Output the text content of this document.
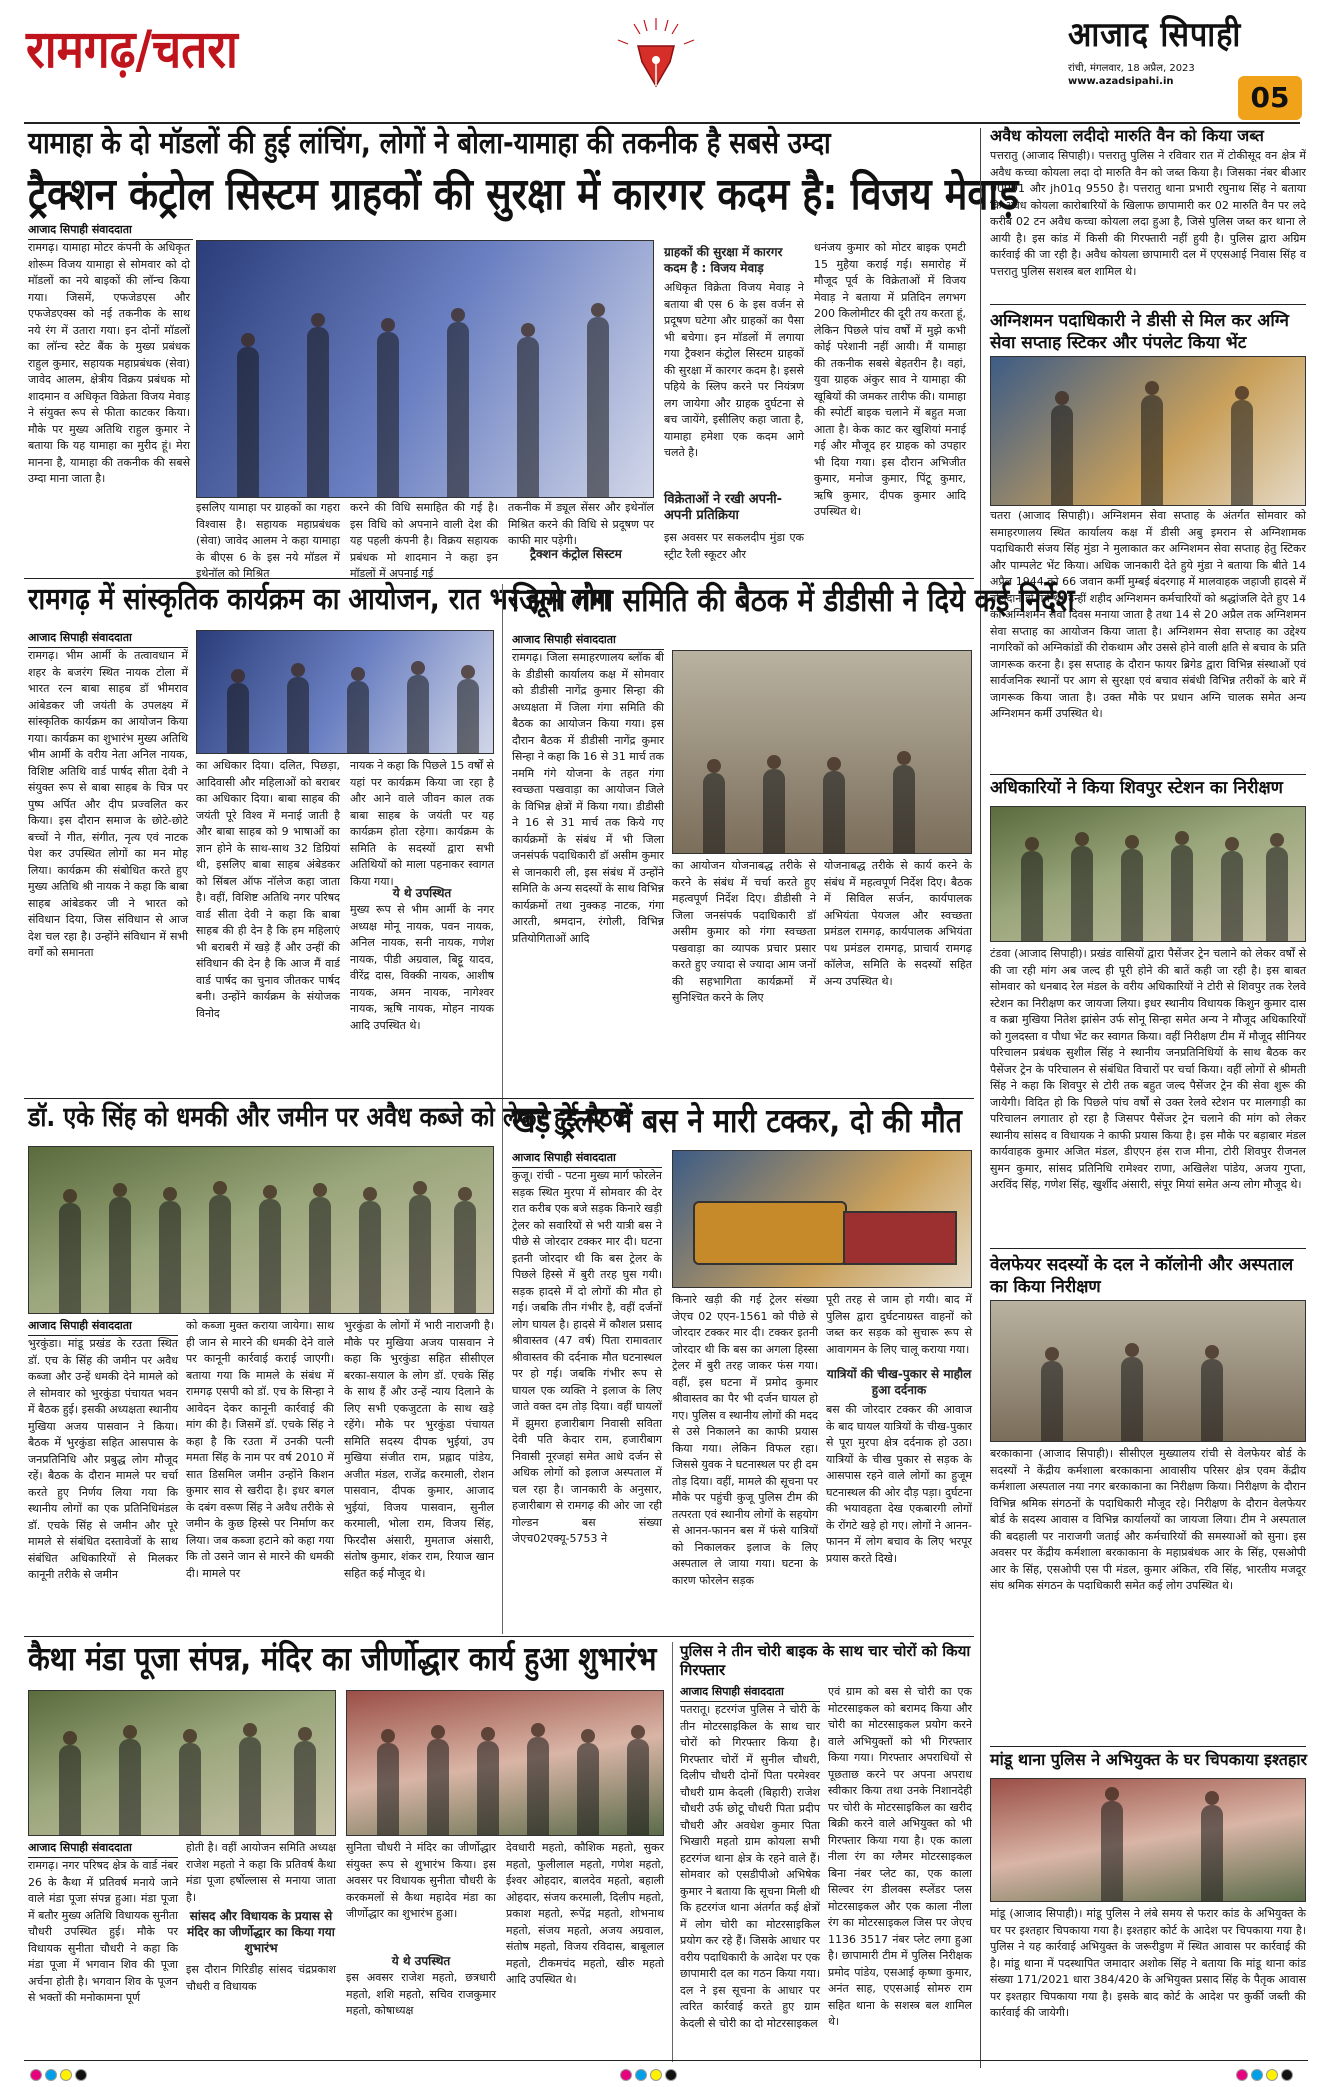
रामगढ़/चतरा	आजाद सिपाही
रांची, मंगलवार, 18 अप्रैल, 2023
www.azadsipahi.in	05
यामाहा के दो मॉडलों की हुई लांचिंग, लोगों ने बोला-यामाहा की तकनीक है सबसे उम्दा
ट्रैक्शन कंट्रोल सिस्टम ग्राहकों की सुरक्षा में कारगर कदम है: विजय मेवाड़
आजाद सिपाही संवाददाता
रामगढ़। यामाहा मोटर कंपनी के अधिकृत शोरूम विजय यामाहा से सोमवार को दो मॉडलों का नये बाइकों की लॉन्च किया गया। जिसमें, एफजेडएस और एफजेडएक्स को नई तकनीक के साथ नये रंग में उतारा गया। इन दोनों मॉडलों का लॉन्च स्टेट बैंक के मुख्य प्रबंधक राहुल कुमार, सहायक महाप्रबंधक (सेवा) जावेद आलम, क्षेत्रीय विक्रय प्रबंधक मो शादमान व अधिकृत विक्रेता विजय मेवाड़ ने संयुक्त रूप से फीता काटकर किया। मौके पर मुख्य अतिथि राहुल कुमार ने बताया कि यह यामाहा का मुरीद हूं। मेरा मानना है, यामाहा की तकनीक की सबसे उम्दा माना जाता है।
इसलिए यामाहा पर ग्राहकों का गहरा विश्वास है। सहायक महाप्रबंधक (सेवा) जावेद आलम ने कहा यामाहा के बीएस 6 के इस नये मॉडल में इथेनॉल को मिश्रित
करने की विधि समाहित की गई है। इस विधि को अपनाने वाली देश की यह पहली कंपनी है। विक्रय सहायक प्रबंधक मो शादमान ने कहा इन मॉडलों में अपनाई गई
तकनीक में ड्यूल सेंसर और इथेनॉल मिश्रित करने की विधि से प्रदूषण पर काफी मार पड़ेगी।
ट्रैक्शन कंट्रोल सिस्टम
ग्राहकों की सुरक्षा में कारगर कदम है : विजय मेवाड़
अधिकृत विक्रेता विजय मेवाड़ ने बताया बी एस 6 के इस वर्जन से प्रदूषण घटेगा और ग्राहकों का पैसा भी बचेगा। इन मॉडलों में लगाया गया ट्रैक्शन कंट्रोल सिस्टम ग्राहकों की सुरक्षा में कारगर कदम है। इससे पहिये के स्लिप करने पर नियंत्रण लग जायेगा और ग्राहक दुर्घटना से बच जायेंगे, इसीलिए कहा जाता है, यामाहा हमेशा एक कदम आगे चलते है।
विक्रेताओं ने रखी अपनी-अपनी प्रतिक्रिया
इस अवसर पर सकलदीप मुंडा एक स्ट्रीट रैली स्कूटर और
धनंजय कुमार को मोटर बाइक एमटी 15 मुहैया कराई गई। समारोह में मौजूद पूर्व के विक्रेताओं में विजय मेवाड़ ने बताया में प्रतिदिन लगभग 200 किलोमीटर की दूरी तय करता हूं, लेकिन पिछले पांच वर्षों में मुझे कभी कोई परेशानी नहीं आयी। मैं यामाहा की तकनीक सबसे बेहतरीन है। वहां, युवा ग्राहक अंकुर साव ने यामाहा की खूबियों की जमकर तारीफ की। यामाहा की स्पोर्टी बाइक चलाने में बहुत मजा आता है। केक काट कर खुशियां मनाई गई और मौजूद हर ग्राहक को उपहार भी दिया गया। इस दौरान अभिजीत कुमार, मनोज कुमार, पिंटू कुमार, ऋषि कुमार, दीपक कुमार आदि उपस्थित थे।
अवैध कोयला लदीदो मारुति वैन को किया जब्त
पत्तरातु (आजाद सिपाही)। पत्तरातु पुलिस ने रविवार रात में टोकीसूद वन क्षेत्र में अवैध कच्चा कोयला लदा दो मारुति वैन को जब्त किया है। जिसका नंबर बीआर 00991 और jh01q 9550 है। पत्तरातु थाना प्रभारी रघुनाथ सिंह ने बताया कि अवैध कोयला कारोबारियों के खिलाफ छापामारी कर 02 मारुति वैन पर लदे करीब 02 टन अवैध कच्चा कोयला लदा हुआ है, जिसे पुलिस जब्त कर थाना ले आयी है। इस कांड में किसी की गिरफ्तारी नहीं हुयी है। पुलिस द्वारा अग्रिम कार्रवाई की जा रही है। अवैध कोयला छापामारी दल में एएसआई निवास सिंह व पत्तरातु पुलिस सशस्त्र बल शामिल थे।
अग्निशमन पदाधिकारी ने डीसी से मिल कर अग्नि सेवा सप्ताह स्टिकर और पंपलेट किया भेंट
चतरा (आजाद सिपाही)। अग्निशमन सेवा सप्ताह के अंतर्गत सोमवार को समाहरणालय स्थित कार्यालय कक्ष में डीसी अबु इमरान से अग्निशामक पदाधिकारी संजय सिंह मुंडा ने मुलाकात कर अग्निशमन सेवा सप्ताह हेतु स्टिकर और पाम्पलेट भेंट किया। अधिक जानकारी देते हुये मुंडा ने बताया कि बीते 14 अप्रैल 1944 को 66 जवान कर्मी मुम्बई बंदरगाह में मालवाहक जहाजी हादसे में बलिदान हो गये थे। उन्हीं शहीद अग्निशमन कर्मचारियों को श्रद्धांजलि देते हुए 14 को अग्निशमन सेवा दिवस मनाया जाता है तथा 14 से 20 अप्रैल तक अग्निशमन सेवा सप्ताह का आयोजन किया जाता है। अग्निशमन सेवा सप्ताह का उद्देश्य नागरिकों को अग्निकांडों की रोकथाम और उससे होने वाली क्षति से बचाव के प्रति जागरूक करना है। इस सप्ताह के दौरान फायर ब्रिगेड द्वारा विभिन्न संस्थाओं एवं सार्वजनिक स्थानों पर आग से सुरक्षा एवं बचाव संबंधी विभिन्न तरीकों के बारे में जागरूक किया जाता है। उक्त मौके पर प्रधान अग्नि चालक समेत अन्य अग्निशमन कर्मी उपस्थित थे।
अधिकारियों ने किया शिवपुर स्टेशन का निरीक्षण
टंडवा (आजाद सिपाही)। प्रखंड वासियों द्वारा पैसेंजर ट्रेन चलाने को लेकर वर्षों से की जा रही मांग अब जल्द ही पूरी होने की बातें कही जा रही है। इस बाबत सोमवार को धनबाद रेल मंडल के वरीय अधिकारियों ने टोरी से शिवपुर तक रेलवे स्टेशन का निरीक्षण कर जायजा लिया। इधर स्थानीय विधायक किशुन कुमार दास व कब्रा मुखिया नितेश झांसेन उर्फ सोनू सिन्हा समेत अन्य ने मौजूद अधिकारियों को गुलदस्ता व पौधा भेंट कर स्वागत किया। वहीं निरीक्षण टीम में मौजूद सीनियर परिचालन प्रबंधक सुशील सिंह ने स्थानीय जनप्रतिनिधियों के साथ बैठक कर पैसेंजर ट्रेन के परिचालन से संबंधित विचारों पर चर्चा किया। वहीं लोगों से श्रीमती सिंह ने कहा कि शिवपुर से टोरी तक बहुत जल्द पैसेंजर ट्रेन की सेवा शुरू की जायेगी। विदित हो कि पिछले पांच वर्षों से उक्त रेलवे स्टेशन पर मालगाड़ी का परिचालन लगातार हो रहा है जिसपर पैसेंजर ट्रेन चलाने की मांग को लेकर स्थानीय सांसद व विधायक ने काफी प्रयास किया है। इस मौके पर बड़ाबार मंडल कार्यवाहक कुमार अजित मंडल, डीएएन हंस राज मीना, टोरी शिवपुर रीजनल सुमन कुमार, सांसद प्रतिनिधि रामेश्वर राणा, अखिलेश पांडेय, अजय गुप्ता, अरविंद सिंह, गणेश सिंह, खुर्शीद अंसारी, संपूर मियां समेत अन्य लोग मौजूद थे।
वेलफेयर सदस्यों के दल ने कॉलोनी और अस्पताल का किया निरीक्षण
बरकाकाना (आजाद सिपाही)। सीसीएल मुख्यालय रांची से वेलफेयर बोर्ड के सदस्यों ने केंद्रीय कर्मशाला बरकाकाना आवासीय परिसर क्षेत्र एवम केंद्रीय कर्मशाला अस्पताल नया नगर बरकाकाना का निरीक्षण किया। निरीक्षण के दौरान विभिन्न श्रमिक संगठनों के पदाधिकारी मौजूद रहे। निरीक्षण के दौरान वेलफेयर बोर्ड के सदस्य आवास व विभिन्न कार्यालयों का जायजा लिया। टीम ने अस्पताल की बदहाली पर नाराजगी जताई और कर्मचारियों की समस्याओं को सुना। इस अवसर पर केंद्रीय कर्मशाला बरकाकाना के महाप्रबंधक आर के सिंह, एसओपी आर के सिंह, एसओपी एस पी मंडल, कुमार अंकित, रवि सिंह, भारतीय मजदूर संघ श्रमिक संगठन के पदाधिकारी समेत कई लोग उपस्थित थे।
मांडू थाना पुलिस ने अभियुक्त के घर चिपकाया इश्तहार
मांडू (आजाद सिपाही)। मांडू पुलिस ने लंबे समय से फरार कांड के अभियुक्त के घर पर इश्तहार चिपकाया गया है। इश्तहार कोर्ट के आदेश पर चिपकाया गया है। पुलिस ने यह कार्रवाई अभियुक्त के जरूरीडुण में स्थित आवास पर कार्रवाई की है। मांडू थाना में पदस्थापित जमादार अशोक सिंह ने बताया कि मांडू थाना कांड संख्या 171/2021 धारा 384/420 के अभियुक्त प्रसाद सिंह के पैतृक आवास पर इश्तहार चिपकाया गया है। इसके बाद कोर्ट के आदेश पर कुर्की जब्ती की कार्रवाई की जायेगी।
रामगढ़ में सांस्कृतिक कार्यक्रम का आयोजन, रात भर झूमे लोग
आजाद सिपाही संवाददाता
रामगढ़। भीम आर्मी के तत्वावधान में शहर के बजरंग स्थित नायक टोला में भारत रत्न बाबा साहब डॉ भीमराव आंबेडकर जी जयंती के उपलक्ष्य में सांस्कृतिक कार्यक्रम का आयोजन किया गया। कार्यक्रम का शुभारंभ मुख्य अतिथि भीम आर्मी के वरीय नेता अनिल नायक, विशिष्ट अतिथि वार्ड पार्षद सीता देवी ने संयुक्त रूप से बाबा साहब के चित्र पर पुष्प अर्पित और दीप प्रज्वलित कर किया। इस दौरान समाज के छोटे-छोटे बच्चों ने गीत, संगीत, नृत्य एवं नाटक पेश कर उपस्थित लोगों का मन मोह लिया। कार्यक्रम की संबोधित करते हुए मुख्य अतिथि श्री नायक ने कहा कि बाबा साहब आंबेडकर जी ने भारत को संविधान दिया, जिस संविधान से आज देश चल रहा है। उन्होंने संविधान में सभी वर्गों को समानता
का अधिकार दिया। दलित, पिछड़ा, आदिवासी और महिलाओं को बराबर का अधिकार दिया। बाबा साहब की जयंती पूरे विश्व में मनाई जाती है और बाबा साहब को 9 भाषाओं का ज्ञान होने के साथ-साथ 32 डिग्रियां थी, इसलिए बाबा साहब अंबेडकर को सिंबल ऑफ नॉलेज कहा जाता है। वहीं, विशिष्ट अतिथि नगर परिषद वार्ड सीता देवी ने कहा कि बाबा साहब की ही देन है कि हम महिलाएं भी बराबरी में खड़े हैं और उन्हीं की संविधान की देन है कि आज मैं वार्ड वार्ड पार्षद का चुनाव जीतकर पार्षद बनी। उन्होंने कार्यक्रम के संयोजक विनोद
नायक ने कहा कि पिछले 15 वर्षों से यहां पर कार्यक्रम किया जा रहा है और आने वाले जीवन काल तक बाबा साहब के जयंती पर यह कार्यक्रम होता रहेगा। कार्यक्रम के समिति के सदस्यों द्वारा सभी अतिथियों को माला पहनाकर स्वागत किया गया।
ये थे उपस्थित
मुख्य रूप से भीम आर्मी के नगर अध्यक्ष मोनू नायक, पवन नायक, अनिल नायक, सनी नायक, गणेश नायक, पीडी अग्रवाल, बिट्टू यादव, वीरेंद्र दास, विक्की नायक, आशीष नायक, अमन नायक, नागेश्वर नायक, ऋषि नायक, मोहन नायक आदि उपस्थित थे।
जिला गंगा समिति की बैठक में डीडीसी ने दिये कई निर्देश
आजाद सिपाही संवाददाता
रामगढ़। जिला समाहरणालय ब्लॉक बी के डीडीसी कार्यालय कक्ष में सोमवार को डीडीसी नागेंद्र कुमार सिन्हा की अध्यक्षता में जिला गंगा समिति की बैठक का आयोजन किया गया। इस दौरान बैठक में डीडीसी नागेंद्र कुमार सिन्हा ने कहा कि 16 से 31 मार्च तक नममि गंगे योजना के तहत गंगा स्वच्छता पखवाड़ा का आयोजन जिले के विभिन्न क्षेत्रों में किया गया। डीडीसी ने 16 से 31 मार्च तक किये गए कार्यक्रमों के संबंध में भी जिला जनसंपर्क पदाधिकारी डॉ असीम कुमार से जानकारी ली, इस संबंध में उन्होंने समिति के अन्य सदस्यों के साथ विभिन्न कार्यक्रमों तथा नुक्कड़ नाटक, गंगा आरती, श्रमदान, रंगोली, विभिन्न प्रतियोगिताओं आदि
का आयोजन योजनाबद्ध तरीके से करने के संबंध में चर्चा करते हुए महत्वपूर्ण निर्देश दिए। डीडीसी ने जिला जनसंपर्क पदाधिकारी डॉ असीम कुमार को गंगा स्वच्छता पखवाड़ा का व्यापक प्रचार प्रसार करते हुए ज्यादा से ज्यादा आम जनों की सहभागिता कार्यक्रमों में सुनिश्चित करने के लिए
योजनाबद्ध तरीके से कार्य करने के संबंध में महत्वपूर्ण निर्देश दिए। बैठक में सिविल सर्जन, कार्यपालक अभियंता पेयजल और स्वच्छता प्रमंडल रामगढ़, कार्यपालक अभियंता पथ प्रमंडल रामगढ़, प्राचार्य रामगढ़ कॉलेज, समिति के सदस्यों सहित अन्य उपस्थित थे।
डॉ. एके सिंह को धमकी और जमीन पर अवैध कब्जे को लेकर हुई बैठक
आजाद सिपाही संवाददाता
भुरकुंडा। मांडू प्रखंड के रउता स्थित डॉ. एच के सिंह की जमीन पर अवैध कब्जा और उन्हें धमकी देने मामले को ले सोमवार को भुरकुंडा पंचायत भवन में बैठक हुई। इसकी अध्यक्षता स्थानीय मुखिया अजय पासवान ने किया। बैठक में भुरकुंडा सहित आसपास के जनप्रतिनिधि और प्रबुद्ध लोग मौजूद रहें। बैठक के दौरान मामले पर चर्चा करते हुए निर्णय लिया गया कि स्थानीय लोगों का एक प्रतिनिधिमंडल डॉ. एचके सिंह से जमीन और पूरे मामले से संबंधित दस्तावेजों के साथ संबंधित अधिकारियों से मिलकर कानूनी तरीके से जमीन
को कब्जा मुक्त कराया जायेगा। साथ ही जान से मारने की धमकी देने वाले पर कानूनी कार्रवाई कराई जाएगी। बताया गया कि मामले के संबंध में रामगढ़ एसपी को डॉ. एच के सिन्हा ने आवेदन देकर कानूनी कार्रवाई की मांग की है। जिसमें डॉ. एचके सिंह ने कहा है कि रउता में उनकी पत्नी ममता सिंह के नाम पर वर्ष 2010 में सात डिसमिल जमीन उन्होंने किशन कुमार साव से खरीदा है। इधर बगल के दबंग वरूण सिंह ने अवैध तरीके से जमीन के कुछ हिस्से पर निर्माण कर लिया। जब कब्जा हटाने को कहा गया कि तो उसने जान से मारने की धमकी दी। मामले पर
भुरकुंडा के लोगों में भारी नाराजगी है। मौके पर मुखिया अजय पासवान ने कहा कि भुरकुंडा सहित सीसीएल बरका-सयाल के लोग डॉ. एचके सिंह के साथ हैं और उन्हें न्याय दिलाने के लिए सभी एकजुटता के साथ खड़े रहेंगे। मौके पर भुरकुंडा पंचायत समिति सदस्य दीपक भुईयां, उप मुखिया संजीत राम, प्रह्लाद पांडेय, अजीत मंडल, राजेंद्र करमाली, रोशन पासवान, दीपक कुमार, आजाद भुईयां, विजय पासवान, सुनील करमाली, भोला राम, विजय सिंह, फिरदौस अंसारी, मुमताज अंसारी, संतोष कुमार, शंकर राम, रियाज खान सहित कई मौजूद थे।
खड़े ट्रेलर में बस ने मारी टक्कर, दो की मौत
आजाद सिपाही संवाददाता
कुजू। रांची - पटना मुख्य मार्ग फोरलेन सड़क स्थित मुरपा में सोमवार की देर रात करीब एक बजे सड़क किनारे खड़ी ट्रेलर को सवारियों से भरी यात्री बस ने पीछे से जोरदार टक्कर मार दी। घटना इतनी जोरदार थी कि बस ट्रेलर के पिछले हिस्से में बुरी तरह घुस गयी। सड़क हादसे में दो लोगों की मौत हो गई। जबकि तीन गंभीर है, वहीं दर्जनों लोग घायल है। हादसे में कौशल प्रसाद श्रीवास्तव (47 वर्ष) पिता रामावतार श्रीवास्तव की दर्दनाक मौत घटनास्थल पर हो गई। जबकि गंभीर रूप से घायल एक व्यक्ति ने इलाज के लिए जाते वक्त दम तोड़ दिया। वहीं घायलों में झुमरा हजारीबाग निवासी सविता देवी पति केदार राम, हजारीबाग निवासी नूरजहां समेत आधे दर्जन से अधिक लोगों को इलाज अस्पताल में चल रहा है। जानकारी के अनुसार, हजारीबाग से रामगढ़ की ओर जा रही गोल्डन बस संख्या जेएच02एक्यू-5753 ने
किनारे खड़ी की गई ट्रेलर संख्या जेएच 02 एएन-1561 को पीछे से जोरदार टक्कर मार दी। टक्कर इतनी जोरदार थी कि बस का अगला हिस्सा ट्रेलर में बुरी तरह जाकर फंस गया। वहीं, इस घटना में प्रमोद कुमार श्रीवास्तव का पैर भी दर्जन घायल हो गए। पुलिस व स्थानीय लोगों की मदद से उसे निकालने का काफी प्रयास किया गया। लेकिन विफल रहा। जिससे युवक ने घटनास्थल पर ही दम तोड़ दिया। वहीं, मामले की सूचना पर मौके पर पहुंची कुजू पुलिस टीम की तत्परता एवं स्थानीय लोगों के सहयोग से आनन-फानन बस में फंसे यात्रियों को निकालकर इलाज के लिए अस्पताल ले जाया गया। घटना के कारण फोरलेन सड़क
पूरी तरह से जाम हो गयी। बाद में पुलिस द्वारा दुर्घटनाग्रस्त वाहनों को जब्त कर सड़क को सुचारू रूप से आवागमन के लिए चालू कराया गया।
यात्रियों की चीख-पुकार से माहौल हुआ दर्दनाक
बस की जोरदार टक्कर की आवाज के बाद घायल यात्रियों के चीख-पुकार से पूरा मुरपा क्षेत्र दर्दनाक हो उठा। यात्रियों के चीख पुकार से सड़क के आसपास रहने वाले लोगों का हुजूम घटनास्थल की ओर दौड़ पड़ा। दुर्घटना की भयावहता देख एकबारगी लोगों के रोंगटे खड़े हो गए। लोगों ने आनन-फानन में लोग बचाव के लिए भरपूर प्रयास करते दिखे।
कैथा मंडा पूजा संपन्न, मंदिर का जीर्णोद्धार कार्य हुआ शुभारंभ
आजाद सिपाही संवाददाता
रामगढ़। नगर परिषद क्षेत्र के वार्ड नंबर 26 के कैथा में प्रतिवर्ष मनाये जाने वाले मंडा पूजा संपन्न हुआ। मंडा पूजा में बतौर मुख्य अतिथि विधायक सुनीता चौधरी उपस्थित हुई। मौके पर विधायक सुनीता चौधरी ने कहा कि मंडा पूजा में भगवान शिव की पूजा अर्चना होती है। भगवान शिव के पूजन से भक्तों की मनोकामना पूर्ण
होती है। वहीं आयोजन समिति अध्यक्ष राजेश महतो ने कहा कि प्रतिवर्ष कैथा मंडा पूजा हर्षोल्लास से मनाया जाता है।
सांसद और विधायक के प्रयास से मंदिर का जीर्णोद्धार का किया गया शुभारंभ
इस दौरान गिरिडीह सांसद चंद्रप्रकाश चौधरी व विधायक
सुनिता चौधरी ने मंदिर का जीर्णोद्धार संयुक्त रूप से शुभारंभ किया। इस अवसर पर विधायक सुनीता चौधरी के करकमलों से कैथा महादेव मंडा का जीर्णोद्धार का शुभारंभ हुआ।
ये थे उपस्थित
इस अवसर राजेश महतो, छत्रधारी महतो, शशि महतो, सचिव राजकुमार महतो, कोषाध्यक्ष
देवधारी महतो, कौशिक महतो, सुकर महतो, फुलीलाल महतो, गणेश महतो, ईश्वर ओहदार, बालदेव महतो, बहाली ओहदार, संजय करमाली, दिलीप महतो, प्रकाश महतो, रूपेंद्र महतो, शोभनाथ महतो, संजय महतो, अजय अग्रवाल, संतोष महतो, विजय रविदास, बाबूलाल महतो, टीकमचंद महतो, खीरु महतो आदि उपस्थित थे।
पुलिस ने तीन चोरी बाइक के साथ चार चोरों को किया गिरफ्तार
आजाद सिपाही संवाददाता
पतरातू। हटरगंज पुलिस ने चोरी के तीन मोटरसाइकिल के साथ चार चोरों को गिरफ्तार किया है। गिरफ्तार चोरों में सुनील चौधरी, दिलीप चौधरी दोनों पिता परमेश्वर चौधरी ग्राम केदली (बिहारी) राजेश चौधरी उर्फ छोटू चौधरी पिता प्रदीप चौधरी और अवधेश कुमार पिता भिखारी महतो ग्राम कोयला सभी हटरगंज थाना क्षेत्र के रहने वाले हैं। सोमवार को एसडीपीओ अभिषेक कुमार ने बताया कि सूचना मिली थी कि हटरगंज थाना अंतर्गत कई क्षेत्रों में लोग चोरी का मोटरसाइकिल प्रयोग कर रहे हैं। जिसके आधार पर वरीय पदाधिकारी के आदेश पर एक छापामारी दल का गठन किया गया। दल ने इस सूचना के आधार पर त्वरित कार्रवाई करते हुए ग्राम केदली से चोरी का दो मोटरसाइकल
एवं ग्राम को बस से चोरी का एक मोटरसाइकल को बरामद किया और चोरी का मोटरसाइकल प्रयोग करने वाले अभियुक्तों को भी गिरफ्तार किया गया। गिरफ्तार अपराधियों से पूछताछ करने पर अपना अपराध स्वीकार किया तथा उनके निशानदेही पर चोरी के मोटरसाइकिल का खरीद बिक्री करने वाले अभियुक्त को भी गिरफ्तार किया गया है। एक काला नीला रंग का ग्लैमर मोटरसाइकल बिना नंबर प्लेट का, एक काला सिल्वर रंग डीलक्स स्प्लेंडर प्लस मोटरसाइकल और एक काला नीला रंग का मोटरसाइकल जिस पर जेएच 1136 3517 नंबर प्लेट लगा हुआ है। छापामारी टीम में पुलिस निरीक्षक प्रमोद पांडेय, एसआई कृष्णा कुमार, अनंत साह, एएसआई सोमरु राम सहित थाना के सशस्त्र बल शामिल थे।
